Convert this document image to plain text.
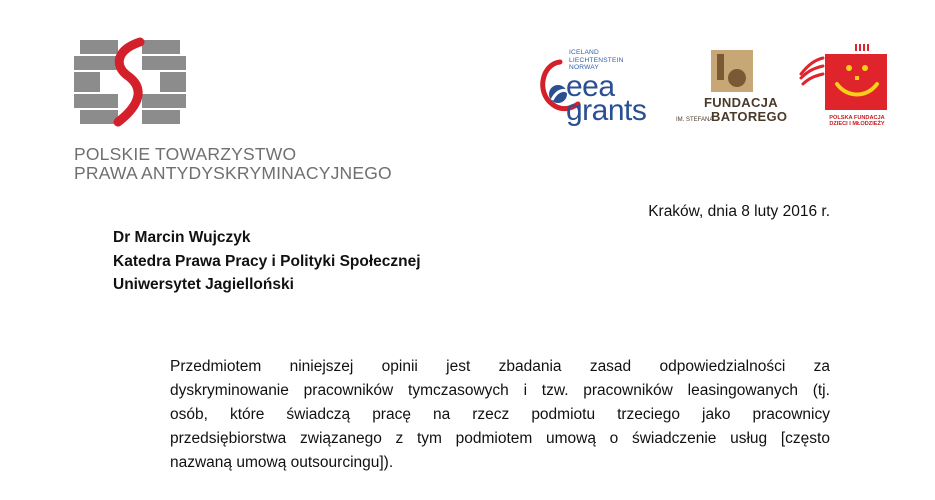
POLSKIE TOWARZYSTWO
PRAWA ANTYDYSKRYMINACYJNEGO
ICELAND
LIECHTENSTEIN
NORWAY
eea
grants	FUNDACJA
IM. STEFANA
BATOREGO	POLSKA FUNDACJA
DZIECI I MŁODZIEŻY
Kraków, dnia 8 luty 2016 r.
Dr Marcin Wujczyk
Katedra Prawa Pracy i Polityki Społecznej
Uniwersytet Jagielloński
Przedmiotem niniejszej opinii jest zbadania zasad odpowiedzialności za
dyskryminowanie pracowników tymczasowych i tzw. pracowników leasingowanych (tj.
osób, które świadczą pracę na rzecz podmiotu trzeciego jako pracownicy
przedsiębiorstwa związanego z tym podmiotem umową o świadczenie usług [często
nazwaną umową outsourcingu]).
